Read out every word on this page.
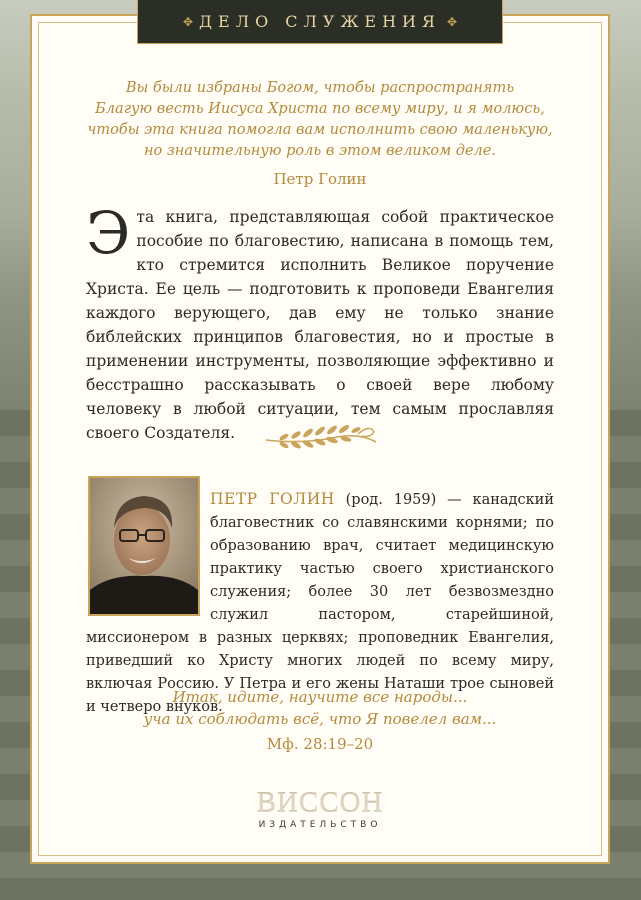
✥ ДЕЛО СЛУЖЕНИЯ ✥
Вы были избраны Богом, чтобы распространять
Благую весть Иисуса Христа по всему миру, и я молюсь,
чтобы эта книга помогла вам исполнить свою маленькую,
но значительную роль в этом великом деле.
Петр Голин

Эта книга, представляющая собой практическое пособие по благовестию, написана в помощь тем, кто стремится исполнить Великое поручение Христа. Ее цель — подготовить к проповеди Евангелия каждого верующего, дав ему не только знание библейских принципов благовестия, но и простые в применении инструменты, позволяющие эффективно и бесстрашно рассказывать о своей вере любому человеку в любой ситуации, тем самым прославляя своего Создателя.

ПЕТР ГОЛИН (род. 1959) — канадский благовестник со славянскими корнями; по образованию врач, считает медицинскую практику частью своего христианского служения; более 30 лет безвозмездно служил пастором, старейшиной, миссионером в разных церквях; проповедник Евангелия, приведший ко Христу многих людей по всему миру, включая Россию. У Петра и его жены Наташи трое сыновей и четверо внуков.

Итак, идите, научите все народы...
уча их соблюдать всё, что Я повелел вам...
Мф. 28:19–20
ВИССОН
ИЗДАТЕЛЬСТВО
